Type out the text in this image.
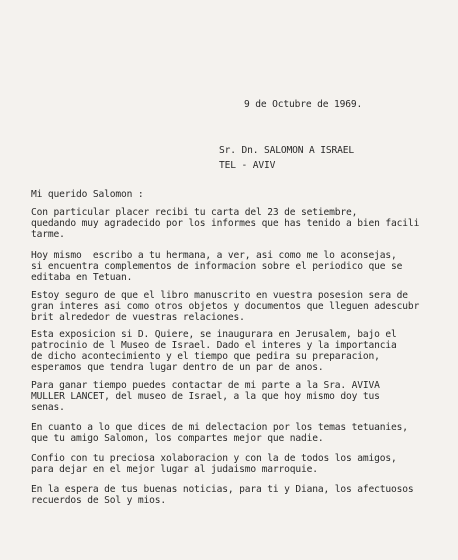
9 de Octubre de 1969.
Sr. Dn. SALOMON A ISRAEL
TEL - AVIV
Mi querido Salomon :
Con particular placer recibi tu carta del 23 de setiembre,
quedando muy agradecido por los informes que has tenido a bien facili
tarme.
Hoy mismo  escribo a tu hermana, a ver, asi como me lo aconsejas,
si encuentra complementos de informacion sobre el periodico que se
editaba en Tetuan.
Estoy seguro de que el libro manuscrito en vuestra posesion sera de
gran interes asi como otros objetos y documentos que lleguen adescubr
brit alrededor de vuestras relaciones.
Esta exposicion si D. Quiere, se inaugurara en Jerusalem, bajo el
patrocinio de l Museo de Israel. Dado el interes y la importancia
de dicho acontecimiento y el tiempo que pedira su preparacion,
esperamos que tendra lugar dentro de un par de anos.
Para ganar tiempo puedes contactar de mi parte a la Sra. AVIVA
MULLER LANCET, del museo de Israel, a la que hoy mismo doy tus
senas.
En cuanto a lo que dices de mi delectacion por los temas tetuanies,
que tu amigo Salomon, los compartes mejor que nadie.
Confio con tu preciosa xolaboracion y con la de todos los amigos,
para dejar en el mejor lugar al judaismo marroquie.
En la espera de tus buenas noticias, para ti y Diana, los afectuosos
recuerdos de Sol y mios.
